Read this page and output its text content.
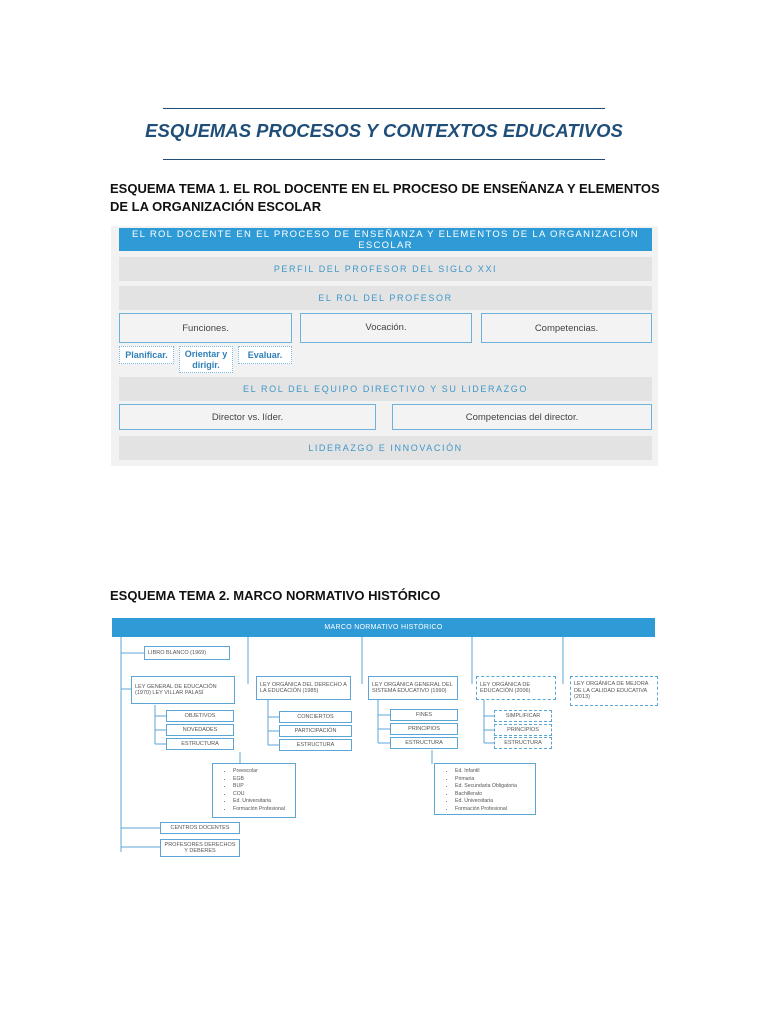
ESQUEMAS PROCESOS Y CONTEXTOS EDUCATIVOS
ESQUEMA TEMA 1. EL ROL DOCENTE EN EL PROCESO DE ENSEÑANZA Y ELEMENTOS DE LA ORGANIZACIÓN ESCOLAR
EL ROL DOCENTE EN EL PROCESO DE ENSEÑANZA Y ELEMENTOS DE LA ORGANIZACIÓN ESCOLAR
PERFIL DEL PROFESOR DEL SIGLO XXI
EL ROL DEL PROFESOR
Funciones.	Vocación.	Competencias.
Planificar.	Orientar y dirigir.
Evaluar.
EL ROL DEL EQUIPO DIRECTIVO Y SU LIDERAZGO
Director vs. líder.	Competencias del director.
LIDERAZGO E INNOVACIÓN
ESQUEMA TEMA 2. MARCO NORMATIVO HISTÓRICO
MARCO NORMATIVO HISTÓRICO
LIBRO BLANCO (1969)
LEY GENERAL DE EDUCACIÓN (1970) LEY VILLAR PALASÍ
LEY ORGÁNICA DEL DERECHO A LA EDUCACIÓN (1985)
LEY ORGÁNICA GENERAL DEL SISTEMA EDUCATIVO (1990)
LEY ORGÁNICA DE EDUCACIÓN (2006)
LEY ORGÁNICA DE MEJORA DE LA CALIDAD EDUCATIVA (2013)
OBJETIVOS
NOVEDADES
ESTRUCTURA
CONCIERTOS
PARTICIPACIÓN
ESTRUCTURA
FINES
PRINCIPIOS
ESTRUCTURA
SIMPLIFICAR
PRINCIPIOS
ESTRUCTURA
• Preescolar
• EGB
• BUP
• COU
• Ed. Universitaria
• Formación Profesional
• Ed. Infantil
• Primaria
• Ed. Secundaria Obligatoria
• Bachillerato
• Ed. Universitaria
• Formación Profesional
CENTROS DOCENTES
PROFESORES DERECHOS Y DEBERES
